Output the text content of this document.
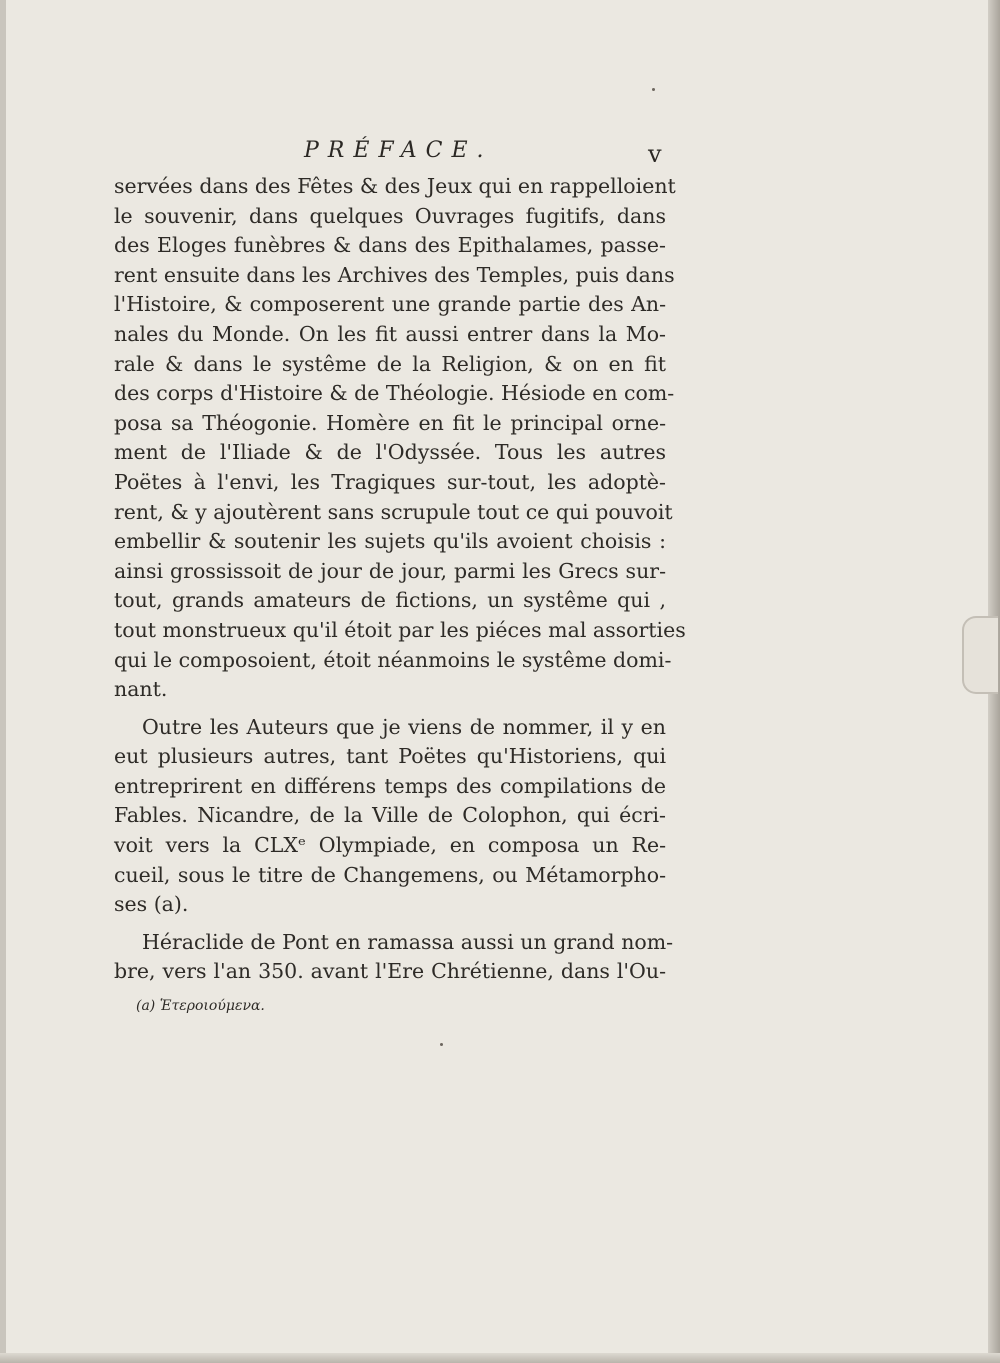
PRÉFACE.	v
servées dans des Fêtes & des Jeux qui en rappelloient
le souvenir, dans quelques Ouvrages fugitifs, dans
des Eloges funèbres & dans des Epithalames, passe-
rent ensuite dans les Archives des Temples, puis dans
l'Histoire, & composerent une grande partie des An-
nales du Monde. On les fit aussi entrer dans la Mo-
rale & dans le systême de la Religion, & on en fit
des corps d'Histoire & de Théologie. Hésiode en com-
posa sa Théogonie. Homère en fit le principal orne-
ment de l'Iliade & de l'Odyssée. Tous les autres
Poëtes à l'envi, les Tragiques sur-tout, les adoptè-
rent, & y ajoutèrent sans scrupule tout ce qui pouvoit
embellir & soutenir les sujets qu'ils avoient choisis :
ainsi grossissoit de jour de jour, parmi les Grecs sur-
tout, grands amateurs de fictions, un systême qui ,
tout monstrueux qu'il étoit par les piéces mal assorties
qui le composoient, étoit néanmoins le systême domi-
nant.
Outre les Auteurs que je viens de nommer, il y en
eut plusieurs autres, tant Poëtes qu'Historiens, qui
entreprirent en différens temps des compilations de
Fables. Nicandre, de la Ville de Colophon, qui écri-
voit vers la CLXᵉ Olympiade, en composa un Re-
cueil, sous le titre de Changemens, ou Métamorpho-
ses (a).
Héraclide de Pont en ramassa aussi un grand nom-
bre, vers l'an 350. avant l'Ere Chrétienne, dans l'Ou-
(a) Ἑτεροιούμενα.
